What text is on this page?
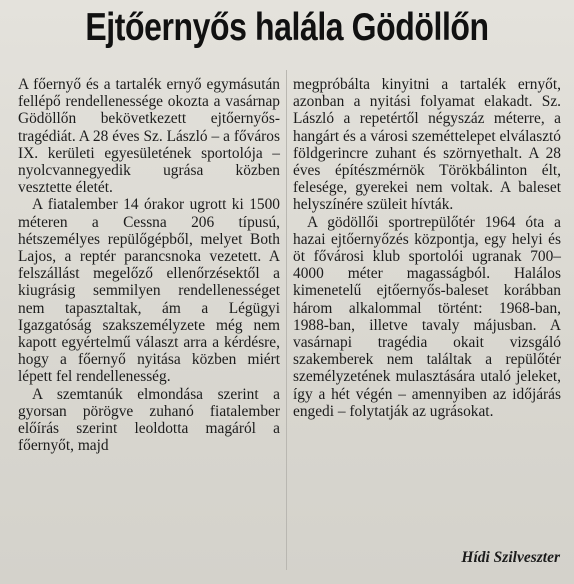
Ejtőernyős halála Gödöllőn

A főernyő és a tartalék ernyő egymásután fellépő rendellenessége okozta a vasárnap Gödöllőn bekövetkezett ejtőernyős-tragédiát. A 28 éves Sz. László – a főváros IX. kerületi egyesületének sportolója – nyolcvannegyedik ugrása közben vesztette életét.

A fiatalember 14 órakor ugrott ki 1500 méteren a Cessna 206 típusú, hétszemélyes repülőgépből, melyet Both Lajos, a reptér parancsnoka vezetett. A felszállást megelőző ellenőrzésektől a kiugrásig semmilyen rendellenességet nem tapasztaltak, ám a Légügyi Igazgatóság szakszemélyzete még nem kapott egyértelmű választ arra a kérdésre, hogy a főernyő nyitása közben miért lépett fel rendellenesség.

A szemtanúk elmondása szerint a gyorsan pörögve zuhanó fiatalember előírás szerint leoldotta magáról a főernyőt, majd

megpróbálta kinyitni a tartalék ernyőt, azonban a nyitási folyamat elakadt. Sz. László a repetértől négyszáz méterre, a hangárt és a városi szeméttelepet elválasztó földgerincre zuhant és szörnyethalt. A 28 éves építészmérnök Törökbálinton élt, felesége, gyerekei nem voltak. A baleset helyszínére szüleit hívták.

A gödöllői sportrepülőtér 1964 óta a hazai ejtőernyőzés központja, egy helyi és öt fővárosi klub sportolói ugranak 700–4000 méter magasságból. Halálos kimenetelű ejtőernyős-baleset korábban három alkalommal történt: 1968-ban, 1988-ban, illetve tavaly májusban. A vasárnapi tragédia okait vizsgáló szakemberek nem találtak a repülőtér személyzetének mulasztására utaló jeleket, így a hét végén – amennyiben az időjárás engedi – folytatják az ugrásokat.

Hídi Szilveszter
